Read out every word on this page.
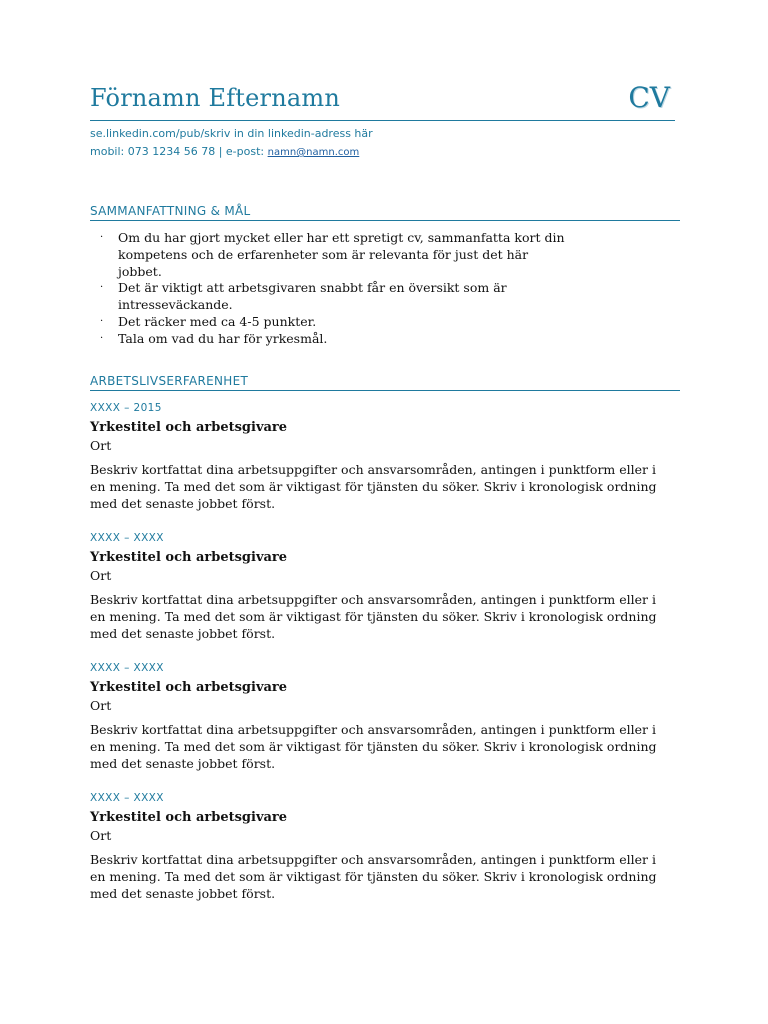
Förnamn Efternamn	CV
se.linkedin.com/pub/skriv in din linkedin-adress här
mobil: 073 1234 56 78 | e-post: namn@namn.com
SAMMANFATTNING & MÅL
· Om du har gjort mycket eller har ett spretigt cv, sammanfatta kort din kompetens och de erfarenheter som är relevanta för just det här jobbet.
· Det är viktigt att arbetsgivaren snabbt får en översikt som är intresseväckande.
· Det räcker med ca 4-5 punkter.
· Tala om vad du har för yrkesmål.
ARBETSLIVSERFARENHET
XXXX – 2015
Yrkestitel och arbetsgivare
Ort
Beskriv kortfattat dina arbetsuppgifter och ansvarsområden, antingen i punktform eller i en mening. Ta med det som är viktigast för tjänsten du söker. Skriv i kronologisk ordning med det senaste jobbet först.
XXXX – XXXX
Yrkestitel och arbetsgivare
Ort
Beskriv kortfattat dina arbetsuppgifter och ansvarsområden, antingen i punktform eller i en mening. Ta med det som är viktigast för tjänsten du söker. Skriv i kronologisk ordning med det senaste jobbet först.
XXXX – XXXX
Yrkestitel och arbetsgivare
Ort
Beskriv kortfattat dina arbetsuppgifter och ansvarsområden, antingen i punktform eller i en mening. Ta med det som är viktigast för tjänsten du söker. Skriv i kronologisk ordning med det senaste jobbet först.
XXXX – XXXX
Yrkestitel och arbetsgivare
Ort
Beskriv kortfattat dina arbetsuppgifter och ansvarsområden, antingen i punktform eller i en mening. Ta med det som är viktigast för tjänsten du söker. Skriv i kronologisk ordning med det senaste jobbet först.
